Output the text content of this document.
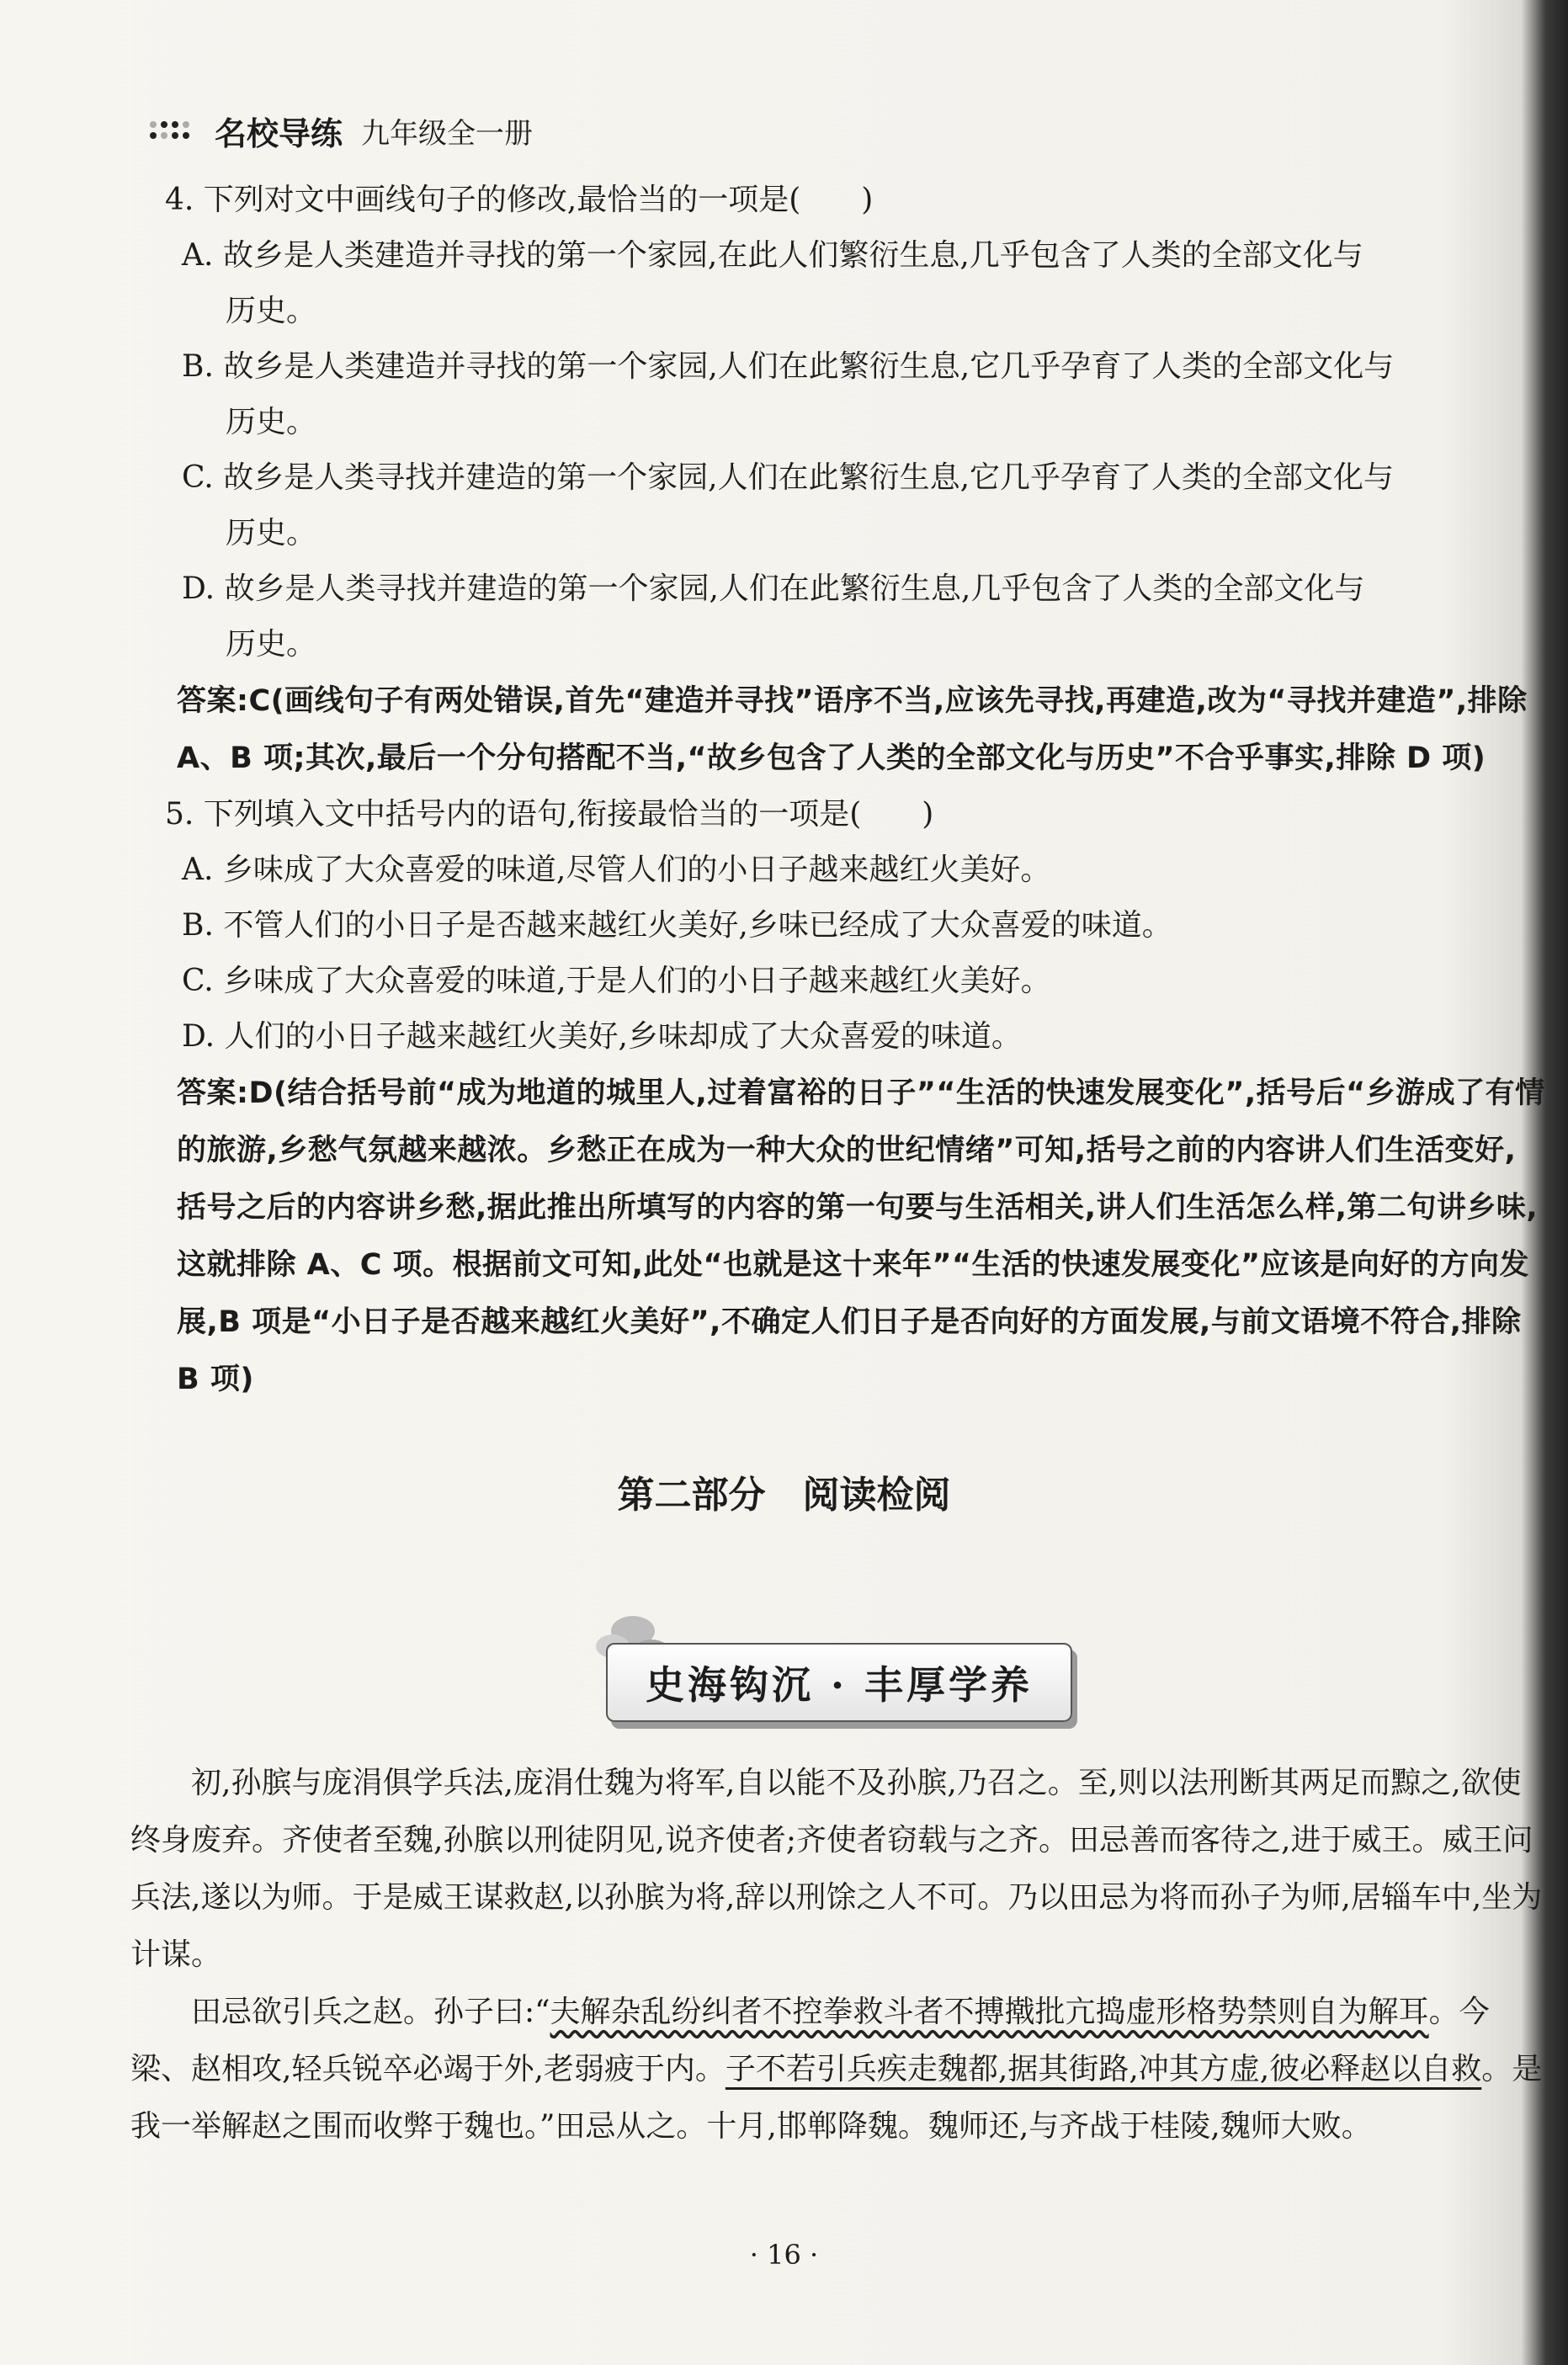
名校导练 九年级全一册
4. 下列对文中画线句子的修改,最恰当的一项是(　　)
A. 故乡是人类建造并寻找的第一个家园,在此人们繁衍生息,几乎包含了人类的全部文化与
历史。
B. 故乡是人类建造并寻找的第一个家园,人们在此繁衍生息,它几乎孕育了人类的全部文化与
历史。
C. 故乡是人类寻找并建造的第一个家园,人们在此繁衍生息,它几乎孕育了人类的全部文化与
历史。
D. 故乡是人类寻找并建造的第一个家园,人们在此繁衍生息,几乎包含了人类的全部文化与
历史。
答案:C(画线句子有两处错误,首先“建造并寻找”语序不当,应该先寻找,再建造,改为“寻找并建造”,排除 A、B 项;其次,最后一个分句搭配不当,“故乡包含了人类的全部文化与历史”不合乎事实,排除 D 项)
5. 下列填入文中括号内的语句,衔接最恰当的一项是(　　)
A. 乡味成了大众喜爱的味道,尽管人们的小日子越来越红火美好。
B. 不管人们的小日子是否越来越红火美好,乡味已经成了大众喜爱的味道。
C. 乡味成了大众喜爱的味道,于是人们的小日子越来越红火美好。
D. 人们的小日子越来越红火美好,乡味却成了大众喜爱的味道。
答案:D(结合括号前“成为地道的城里人,过着富裕的日子”“生活的快速发展变化”,括号后“乡游成了有情的旅游,乡愁气氛越来越浓。乡愁正在成为一种大众的世纪情绪”可知,括号之前的内容讲人们生活变好,括号之后的内容讲乡愁,据此推出所填写的内容的第一句要与生活相关,讲人们生活怎么样,第二句讲乡味,这就排除 A、C 项。根据前文可知,此处“也就是这十来年”“生活的快速发展变化”应该是向好的方向发展,B 项是“小日子是否越来越红火美好”,不确定人们日子是否向好的方面发展,与前文语境不符合,排除 B 项)
第二部分　阅读检阅
史海钩沉 · 丰厚学养

初,孙膑与庞涓俱学兵法,庞涓仕魏为将军,自以能不及孙膑,乃召之。至,则以法刑断其两足而黥之,欲使终身废弃。齐使者至魏,孙膑以刑徒阴见,说齐使者;齐使者窃载与之齐。田忌善而客待之,进于威王。威王问兵法,遂以为师。于是威王谋救赵,以孙膑为将,辞以刑馀之人不可。乃以田忌为将而孙子为师,居辎车中,坐为计谋。

田忌欲引兵之赵。孙子曰:“夫解杂乱纷纠者不控拳救斗者不搏撠批亢捣虚形格势禁则自为解耳。今梁、赵相攻,轻兵锐卒必竭于外,老弱疲于内。子不若引兵疾走魏都,据其街路,冲其方虚,彼必释赵以自救。是我一举解赵之围而收弊于魏也。”田忌从之。十月,邯郸降魏。魏师还,与齐战于桂陵,魏师大败。

· 16 ·
